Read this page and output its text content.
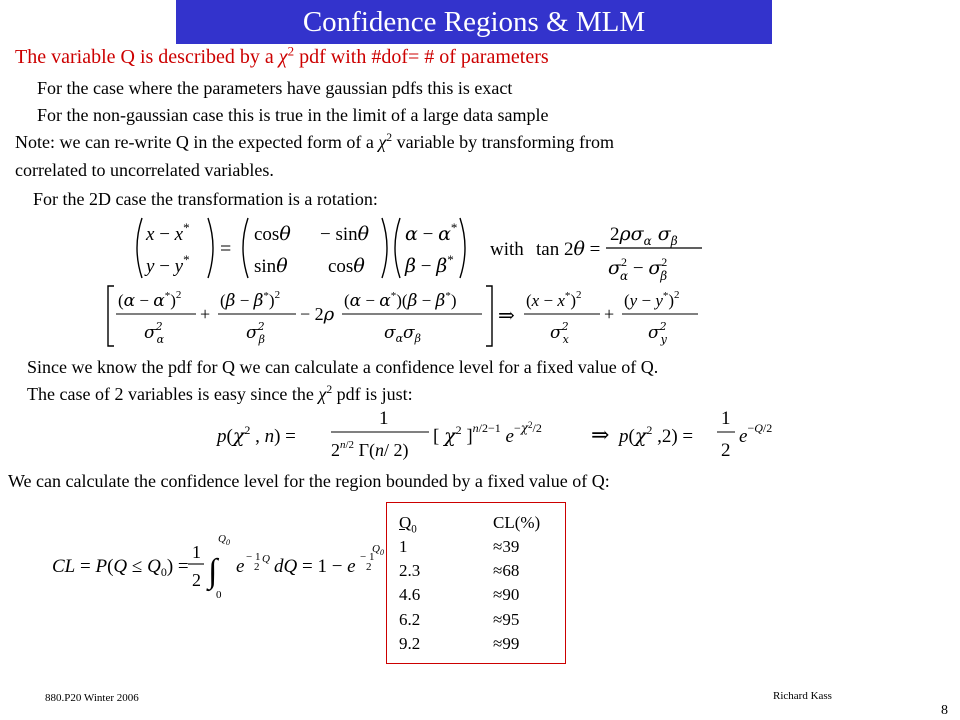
Confidence Regions & MLM
The variable Q is described by a $\chi^2$ pdf with #dof= # of parameters
For the case where the parameters have gaussian pdfs this is exact
For the non-gaussian case this is true in the limit of a large data sample
Note: we can re-write Q in the expected form of a $\chi^2$ variable by transforming from
correlated to uncorrelated variables.
For the 2D case the transformation is a rotation:
x − x*
y − y* =
cosθ − sinθ
sinθ cosθ
α − α*
β − β* with tan 2θ =
$2\rho\sigma_\alpha$ $\sigma_\beta$
$\sigma^2$ $\alpha - \sigma^2$ β
$(\alpha - \alpha^*)^2$
$\sigma^2$ α
+
$(\beta - \beta^*)^2$
$\sigma^2$ β
− 2ρ
(α − α*)(β − β*)
$\sigma_\alpha\sigma_\beta$
⇒
$(x - x^*)^2$
$\sigma^2$ x
+
$(y - y^*)^2$
$\sigma^2$ y
Since we know the pdf for Q we can calculate a confidence level for a fixed value of Q.
The case of 2 variables is easy since the $\chi^2$ pdf is just:
$p(\chi^2$ , n) =
1
2$^n$/2 Γ(n/ 2)
[ $\chi^2$ ]$^n$/2−1 $e^-\chi^2_{/2}$ ⇒ $p(\chi^2$ ,2) =
1
2
e−Q/2
We can calculate the confidence level for the region bounded by a fixed value of Q:
CL = $P(Q \le Q_0)$ =
1
2 ∫
$Q_0$
0
e − 1
2
Q dQ = 1 − e − 1
2
$Q_0$
$Q_0$	CL(%)
1	≈39
2.3	≈68
4.6	≈90
6.2	≈95
9.2	≈99
880.P20 Winter 2006	Richard Kass
8
